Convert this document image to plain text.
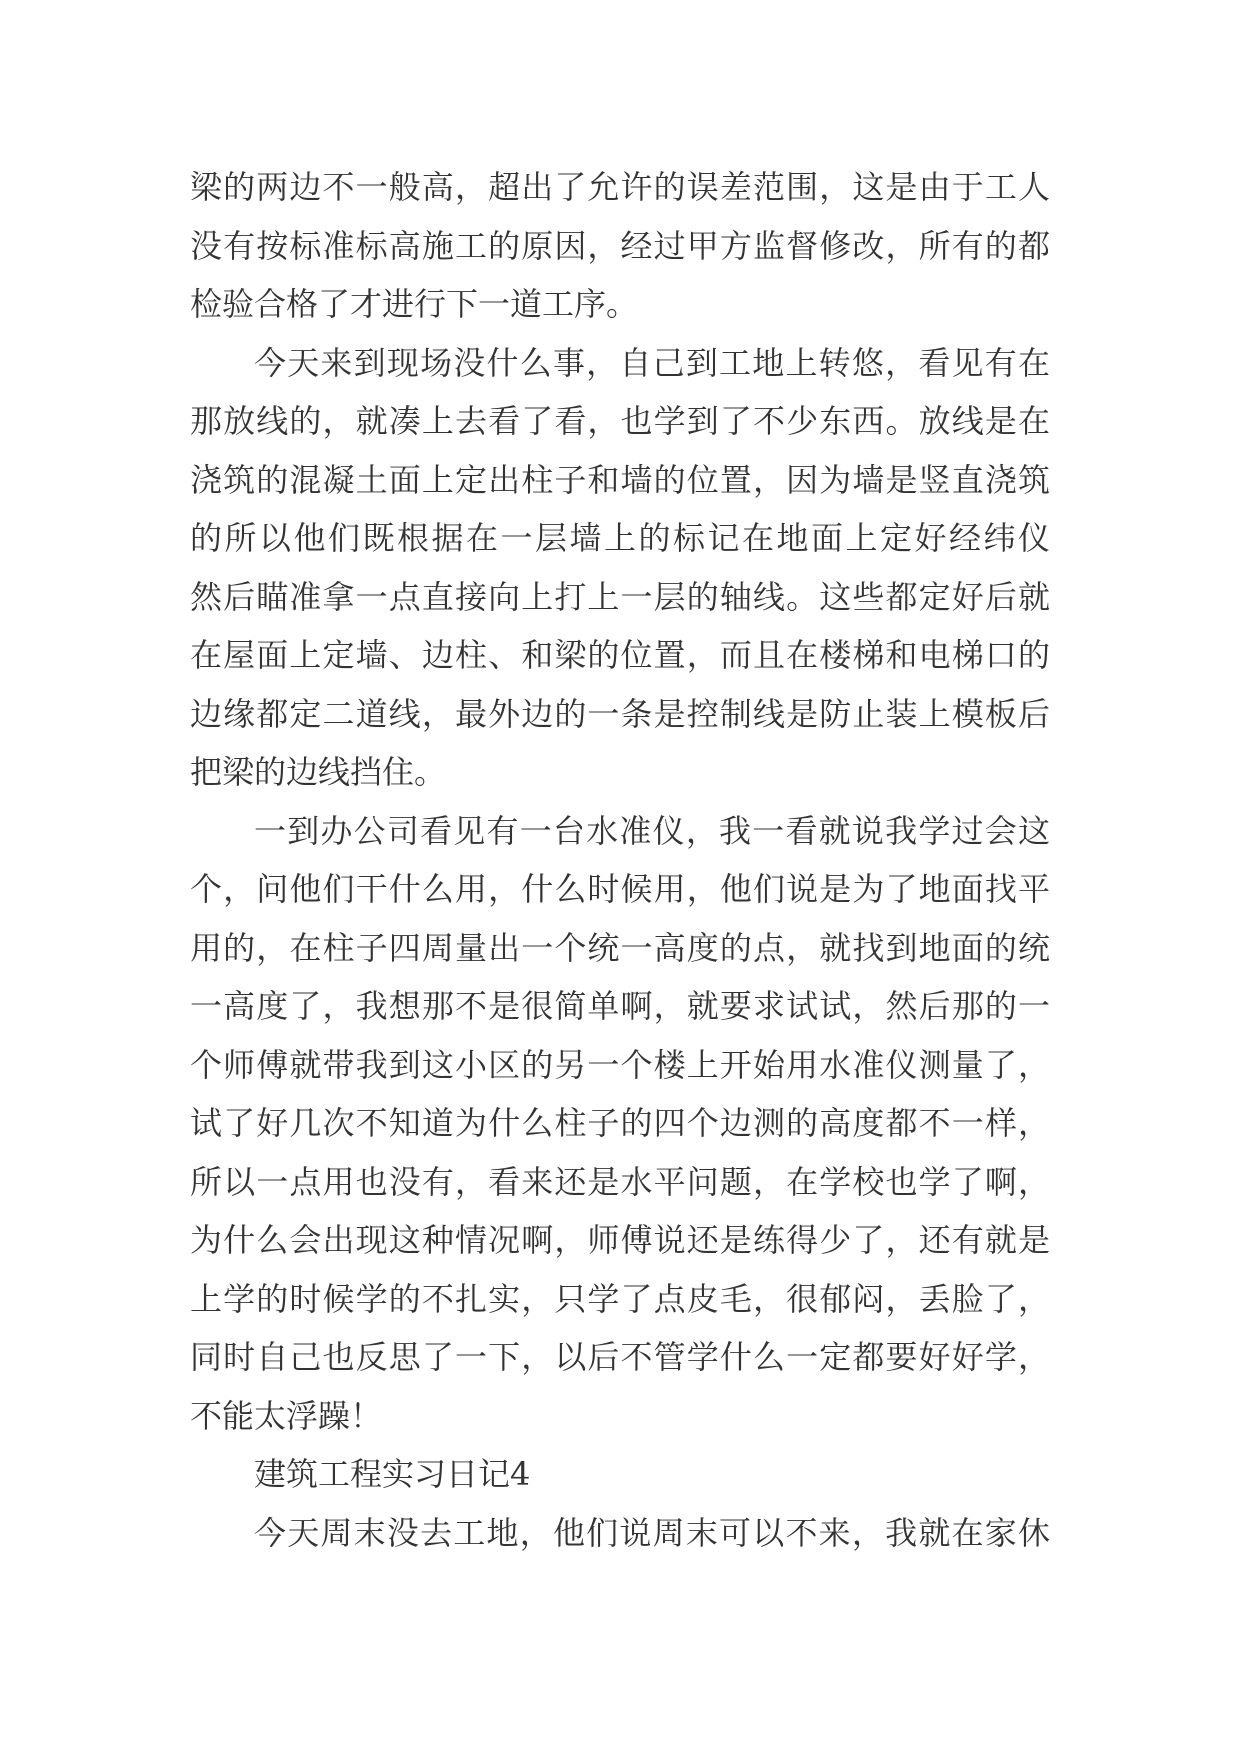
梁的两边不一般高，超出了允许的误差范围，这是由于工人
没有按标准标高施工的原因，经过甲方监督修改，所有的都
检验合格了才进行下一道工序。
今天来到现场没什么事，自己到工地上转悠，看见有在
那放线的，就凑上去看了看，也学到了不少东西。放线是在
浇筑的混凝土面上定出柱子和墙的位置，因为墙是竖直浇筑
的所以他们既根据在一层墙上的标记在地面上定好经纬仪
然后瞄准拿一点直接向上打上一层的轴线。这些都定好后就
在屋面上定墙、边柱、和梁的位置，而且在楼梯和电梯口的
边缘都定二道线，最外边的一条是控制线是防止装上模板后
把梁的边线挡住。
一到办公司看见有一台水准仪，我一看就说我学过会这
个，问他们干什么用，什么时候用，他们说是为了地面找平
用的，在柱子四周量出一个统一高度的点，就找到地面的统
一高度了，我想那不是很简单啊，就要求试试，然后那的一
个师傅就带我到这小区的另一个楼上开始用水准仪测量了，
试了好几次不知道为什么柱子的四个边测的高度都不一样，
所以一点用也没有，看来还是水平问题，在学校也学了啊，
为什么会出现这种情况啊，师傅说还是练得少了，还有就是
上学的时候学的不扎实，只学了点皮毛，很郁闷，丢脸了，
同时自己也反思了一下，以后不管学什么一定都要好好学，
不能太浮躁！
建筑工程实习日记4
今天周末没去工地，他们说周末可以不来，我就在家休
